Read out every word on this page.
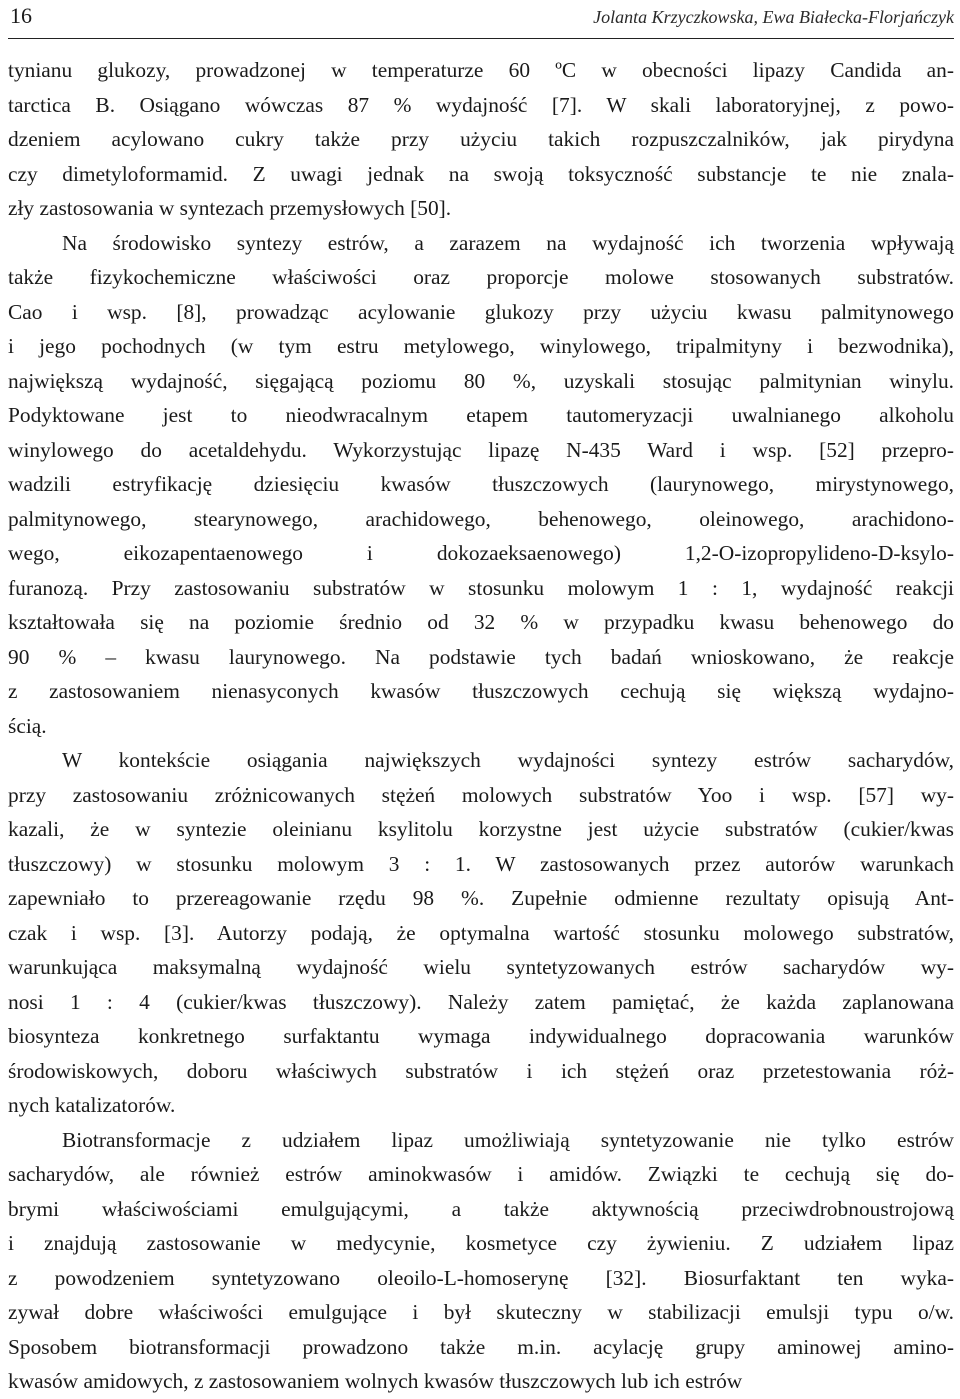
16	Jolanta Krzyczkowska, Ewa Białecka-Florjańczyk
tynianu glukozy, prowadzonej w temperaturze 60 ºC w obecności lipazy Candida an-
tarctica B. Osiągano wówczas 87 % wydajność [7]. W skali laboratoryjnej, z powo-
dzeniem acylowano cukry także przy użyciu takich rozpuszczalników, jak pirydyna
czy dimetyloformamid. Z uwagi jednak na swoją toksyczność substancje te nie znala-
zły zastosowania w syntezach przemysłowych [50].
Na środowisko syntezy estrów, a zarazem na wydajność ich tworzenia wpływają
także fizykochemiczne właściwości oraz proporcje molowe stosowanych substratów.
Cao i wsp. [8], prowadząc acylowanie glukozy przy użyciu kwasu palmitynowego
i jego pochodnych (w tym estru metylowego, winylowego, tripalmityny i bezwodnika),
największą wydajność, sięgającą poziomu 80 %, uzyskali stosując palmitynian winylu.
Podyktowane jest to nieodwracalnym etapem tautomeryzacji uwalnianego alkoholu
winylowego do acetaldehydu. Wykorzystując lipazę N-435 Ward i wsp. [52] przepro-
wadzili estryfikację dziesięciu kwasów tłuszczowych (laurynowego, mirystynowego,
palmitynowego, stearynowego, arachidowego, behenowego, oleinowego, arachidono-
wego, eikozapentaenowego i dokozaeksaenowego) 1,2-O-izopropylideno-D-ksylo-
furanozą. Przy zastosowaniu substratów w stosunku molowym 1 : 1, wydajność reakcji
kształtowała się na poziomie średnio od 32 % w przypadku kwasu behenowego do
90 % – kwasu laurynowego. Na podstawie tych badań wnioskowano, że reakcje
z zastosowaniem nienasyconych kwasów tłuszczowych cechują się większą wydajno-
ścią.
W kontekście osiągania największych wydajności syntezy estrów sacharydów,
przy zastosowaniu zróżnicowanych stężeń molowych substratów Yoo i wsp. [57] wy-
kazali, że w syntezie oleinianu ksylitolu korzystne jest użycie substratów (cukier/kwas
tłuszczowy) w stosunku molowym 3 : 1. W zastosowanych przez autorów warunkach
zapewniało to przereagowanie rzędu 98 %. Zupełnie odmienne rezultaty opisują Ant-
czak i wsp. [3]. Autorzy podają, że optymalna wartość stosunku molowego substratów,
warunkująca maksymalną wydajność wielu syntetyzowanych estrów sacharydów wy-
nosi 1 : 4 (cukier/kwas tłuszczowy). Należy zatem pamiętać, że każda zaplanowana
biosynteza konkretnego surfaktantu wymaga indywidualnego dopracowania warunków
środowiskowych, doboru właściwych substratów i ich stężeń oraz przetestowania róż-
nych katalizatorów.
Biotransformacje z udziałem lipaz umożliwiają syntetyzowanie nie tylko estrów
sacharydów, ale również estrów aminokwasów i amidów. Związki te cechują się do-
brymi właściwościami emulgującymi, a także aktywnością przeciwdrobnoustrojową
i znajdują zastosowanie w medycynie, kosmetyce czy żywieniu. Z udziałem lipaz
z powodzeniem syntetyzowano oleoilo-L-homoserynę [32]. Biosurfaktant ten wyka-
zywał dobre właściwości emulgujące i był skuteczny w stabilizacji emulsji typu o/w.
Sposobem biotransformacji prowadzono także m.in. acylację grupy aminowej amino-
kwasów amidowych, z zastosowaniem wolnych kwasów tłuszczowych lub ich estrów
